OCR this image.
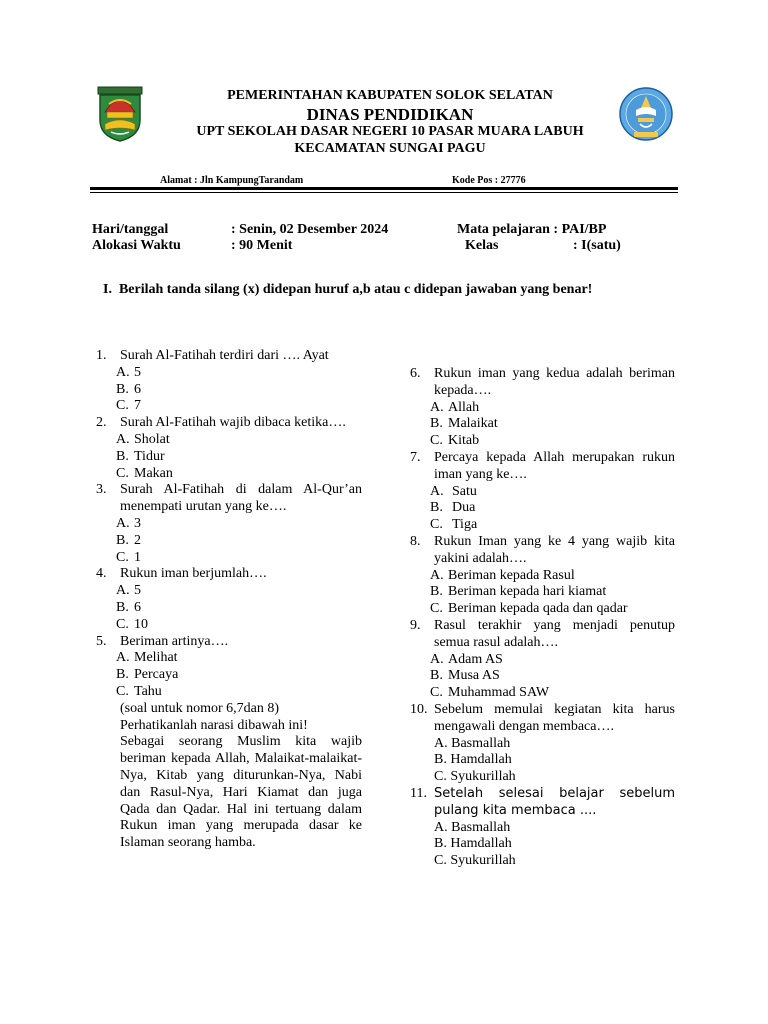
PEMERINTAHAN KABUPATEN SOLOK SELATAN
DINAS PENDIDIKAN
UPT SEKOLAH DASAR NEGERI 10 PASAR MUARA LABUH
KECAMATAN SUNGAI PAGU
Alamat : Jln KampungTarandam	Kode Pos : 27776
Hari/tanggal	: Senin, 02 Desember 2024
Alokasi Waktu	: 90 Menit
Mata pelajaran : PAI/BP
Kelas	: I(satu)
I. Berilah tanda silang (x) didepan huruf a,b atau c didepan jawaban yang benar!
1. Surah Al-Fatihah terdiri dari …. Ayat
A. 5
B. 6
C. 7
2. Surah Al-Fatihah wajib dibaca ketika….
A. Sholat
B. Tidur
C. Makan
3. Surah Al-Fatihah di dalam Al-Qur’an menempati urutan yang ke….
A. 3
B. 2
C. 1
4. Rukun iman berjumlah….
A. 5
B. 6
C. 10
5. Beriman artinya….
A. Melihat
B. Percaya
C. Tahu
(soal untuk nomor 6,7dan 8)
Perhatikanlah narasi dibawah ini!
Sebagai seorang Muslim kita wajib beriman kepada Allah, Malaikat-malaikat-Nya, Kitab yang diturunkan-Nya, Nabi dan Rasul-Nya, Hari Kiamat dan juga Qada dan Qadar. Hal ini tertuang dalam Rukun iman yang merupada dasar ke Islaman seorang hamba.
6. Rukun iman yang kedua adalah beriman kepada….
A. Allah
B. Malaikat
C. Kitab
7. Percaya kepada Allah merupakan rukun iman yang ke….
A. Satu
B. Dua
C. Tiga
8. Rukun Iman yang ke 4 yang wajib kita yakini adalah….
A. Beriman kepada Rasul
B. Beriman kepada hari kiamat
C. Beriman kepada qada dan qadar
9. Rasul terakhir yang menjadi penutup semua rasul adalah….
A. Adam AS
B. Musa AS
C. Muhammad SAW
10. Sebelum memulai kegiatan kita harus mengawali dengan membaca….
A. Basmallah
B. Hamdallah
C. Syukurillah
11. Setelah selesai belajar sebelum pulang kita membaca ....
A. Basmallah
B. Hamdallah
C. Syukurillah
